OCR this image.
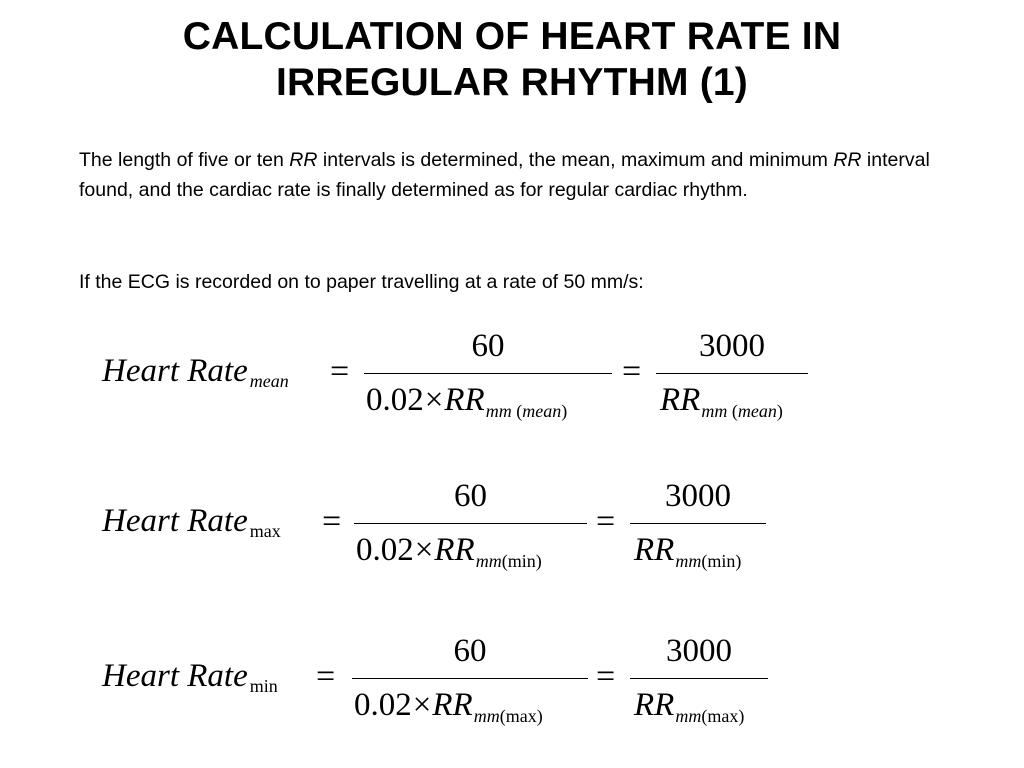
CALCULATION OF HEART RATE IN
IRREGULAR RHYTHM (1)
The length of five or ten RR intervals is determined, the mean, maximum and minimum RR interval found, and the cardiac rate is finally determined as for regular cardiac rhythm.
If the ECG is recorded on to paper travelling at a rate of 50 mm/s:
Heart Rate $_{mean}$ =
60
$0.02\times RR_{mm (mean)}$
=
3000
$RR_{mm (mean)}$
Heart Rate $_{max}$ =
60
$0.02\times RR_{mm(min)}$
=
3000
$RR_{mm(min)}$
Heart Rate $_{min}$ =
60
$0.02\times RR_{mm(max)}$
=
3000
$RR_{mm(max)}$
